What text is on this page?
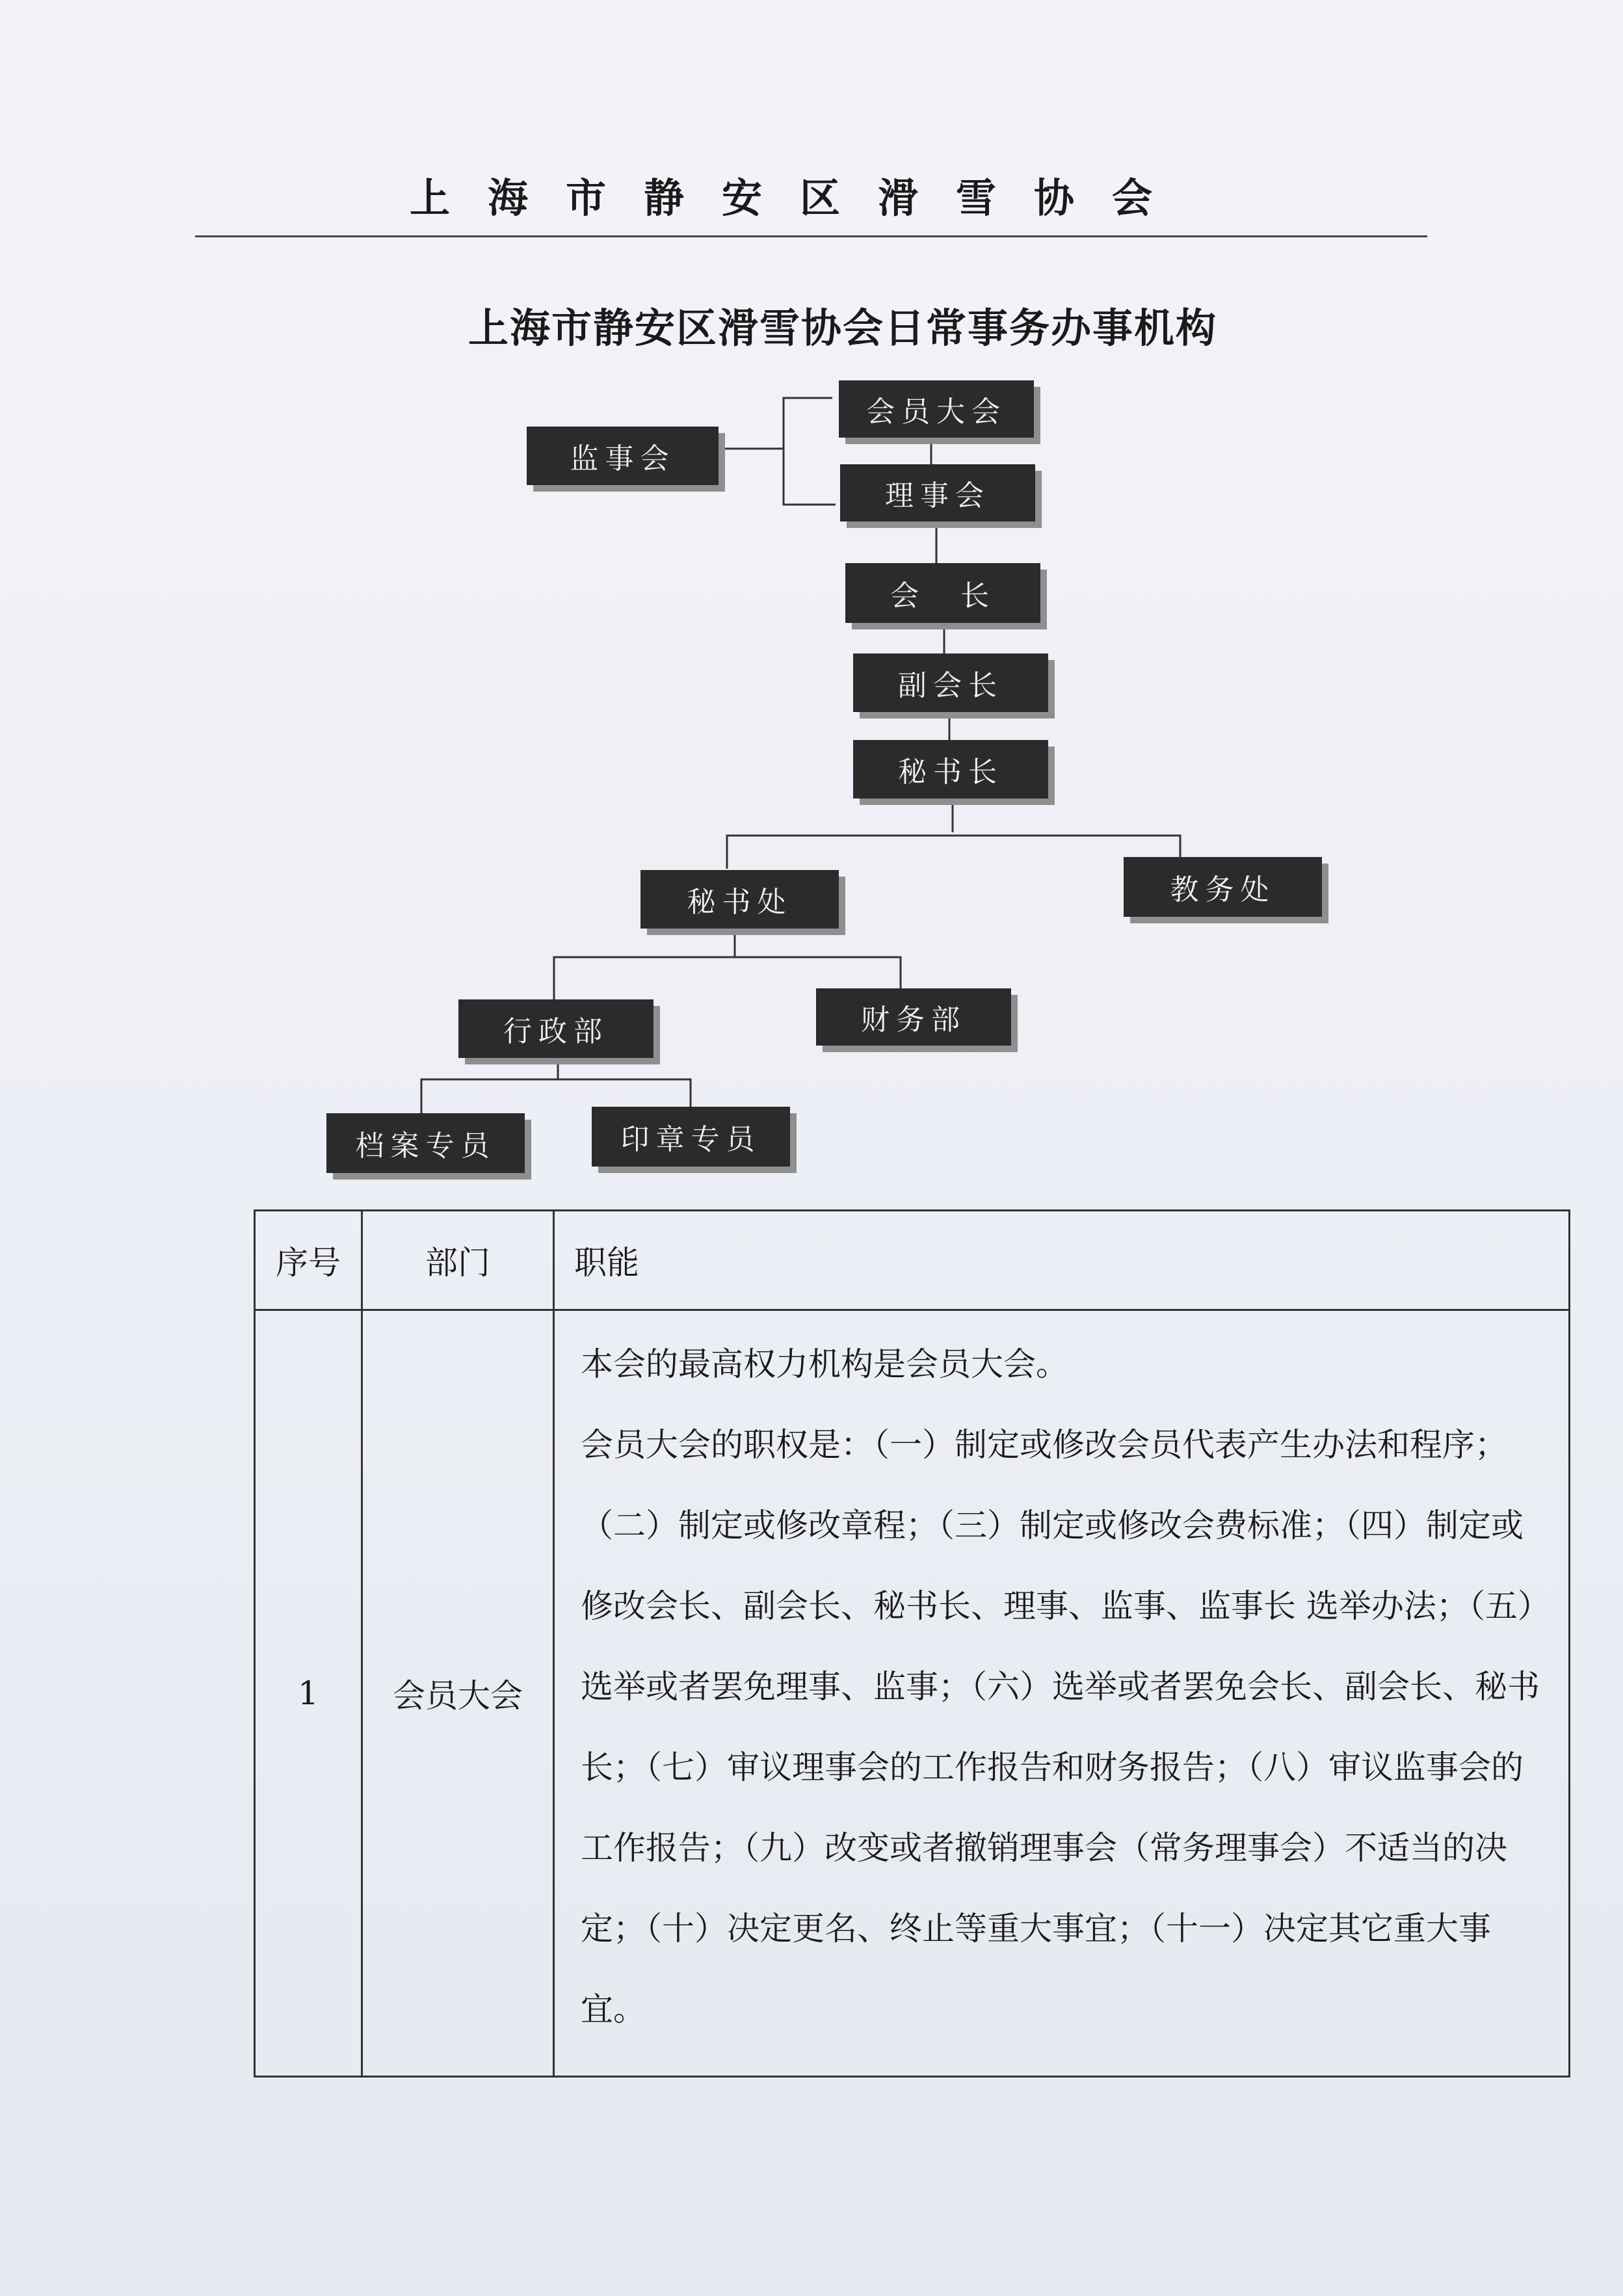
上海市静安区滑雪协会
上海市静安区滑雪协会日常事务办事机构
监事会
会员大会
理事会
会　长
副会长
秘书长
秘书处	教务处
行政部	财务部
档案专员	印章专员
序号	部门	职能
1	会员大会	本会的最高权力机构是会员大会。

会员大会的职权是：（一）制定或修改会员代表产生办法和程序；（二）制定或修改章程；（三）制定或修改会费标准；（四）制定或修改会长、副会长、秘书长、理事、监事、监事长 选举办法；（五）选举或者罢免理事、监事；（六）选举或者罢免会长、副会长、秘书长；（七）审议理事会的工作报告和财务报告；（八）审议监事会的工作报告；（九）改变或者撤销理事会（常务理事会）不适当的决定；（十）决定更名、终止等重大事宜；（十一）决定其它重大事宜。
